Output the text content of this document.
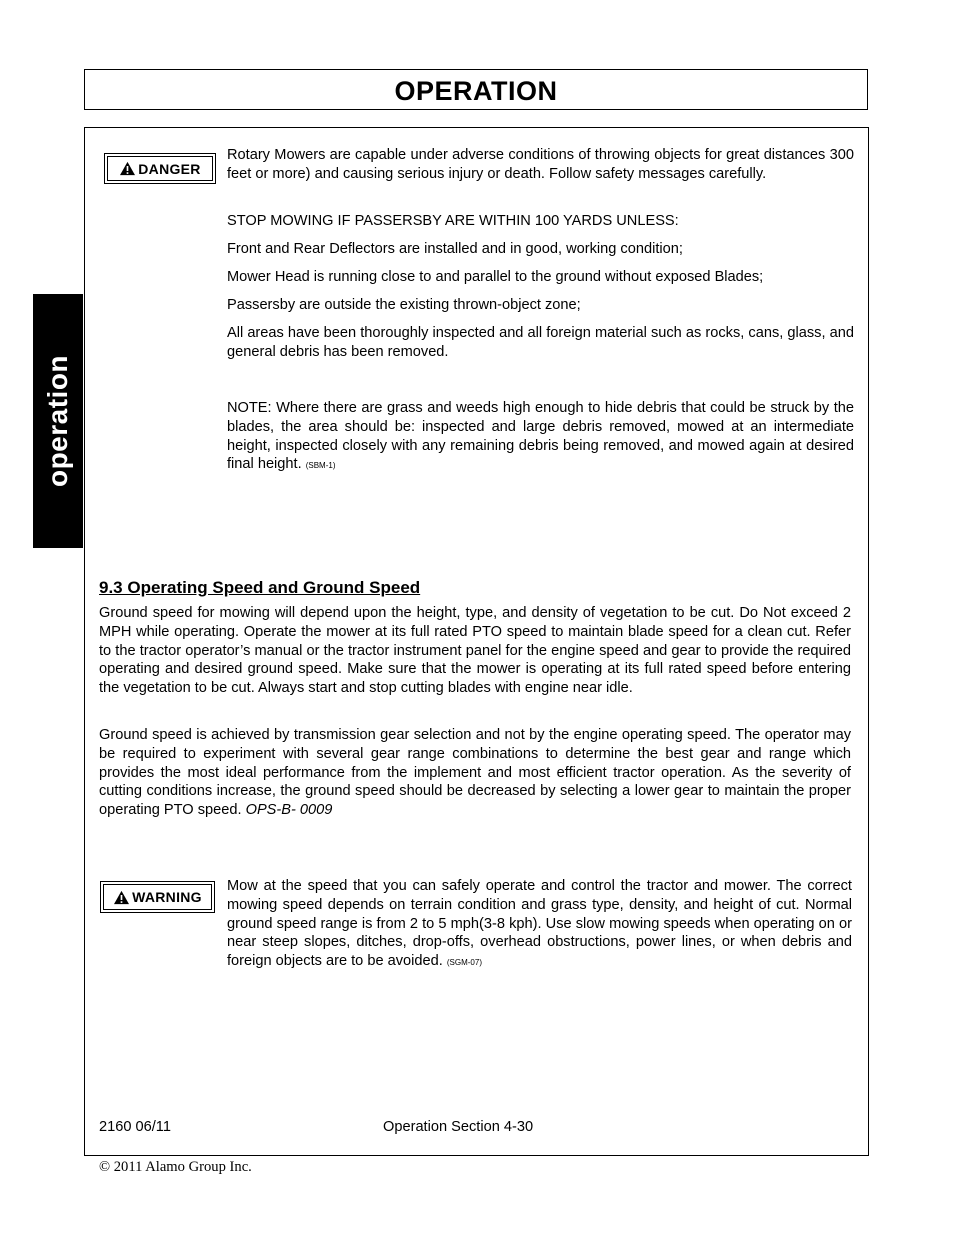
OPERATION
operation
DANGER

Rotary Mowers are capable under adverse conditions of throwing objects for great distances 300 feet or more) and causing serious injury or death. Follow safety messages carefully.

STOP MOWING IF PASSERSBY ARE WITHIN 100 YARDS UNLESS:

Front and Rear Deflectors are installed and in good, working condition;

Mower Head is running close to and parallel to the ground without exposed Blades;

Passersby are outside the existing thrown-object zone;

All areas have been thoroughly inspected and all foreign material such as rocks, cans, glass, and general debris has been removed.

NOTE: Where there are grass and weeds high enough to hide debris that could be struck by the blades, the area should be: inspected and large debris removed, mowed at an intermediate height, inspected closely with any remaining debris being removed, and mowed again at desired final height. (SBM-1)

9.3 Operating Speed and Ground Speed

Ground speed for mowing will depend upon the height, type, and density of vegetation to be cut. Do Not exceed 2 MPH while operating. Operate the mower at its full rated PTO speed to maintain blade speed for a clean cut. Refer to the tractor operator’s manual or the tractor instrument panel for the engine speed and gear to provide the required operating and desired ground speed. Make sure that the mower is operating at its full rated speed before entering the vegetation to be cut. Always start and stop cutting blades with engine near idle.

Ground speed is achieved by transmission gear selection and not by the engine operating speed. The operator may be required to experiment with several gear range combinations to determine the best gear and range which provides the most ideal performance from the implement and most efficient tractor operation. As the severity of cutting conditions increase, the ground speed should be decreased by selecting a lower gear to maintain the proper operating PTO speed. OPS-B- 0009

WARNING

Mow at the speed that you can safely operate and control the tractor and mower. The correct mowing speed depends on terrain condition and grass type, density, and height of cut. Normal ground speed range is from 2 to 5 mph(3-8 kph). Use slow mowing speeds when operating on or near steep slopes, ditches, drop-offs, overhead obstructions, power lines, or when debris and foreign objects are to be avoided. (SGM-07)

2160 06/11	Operation Section 4-30
© 2011 Alamo Group Inc.
